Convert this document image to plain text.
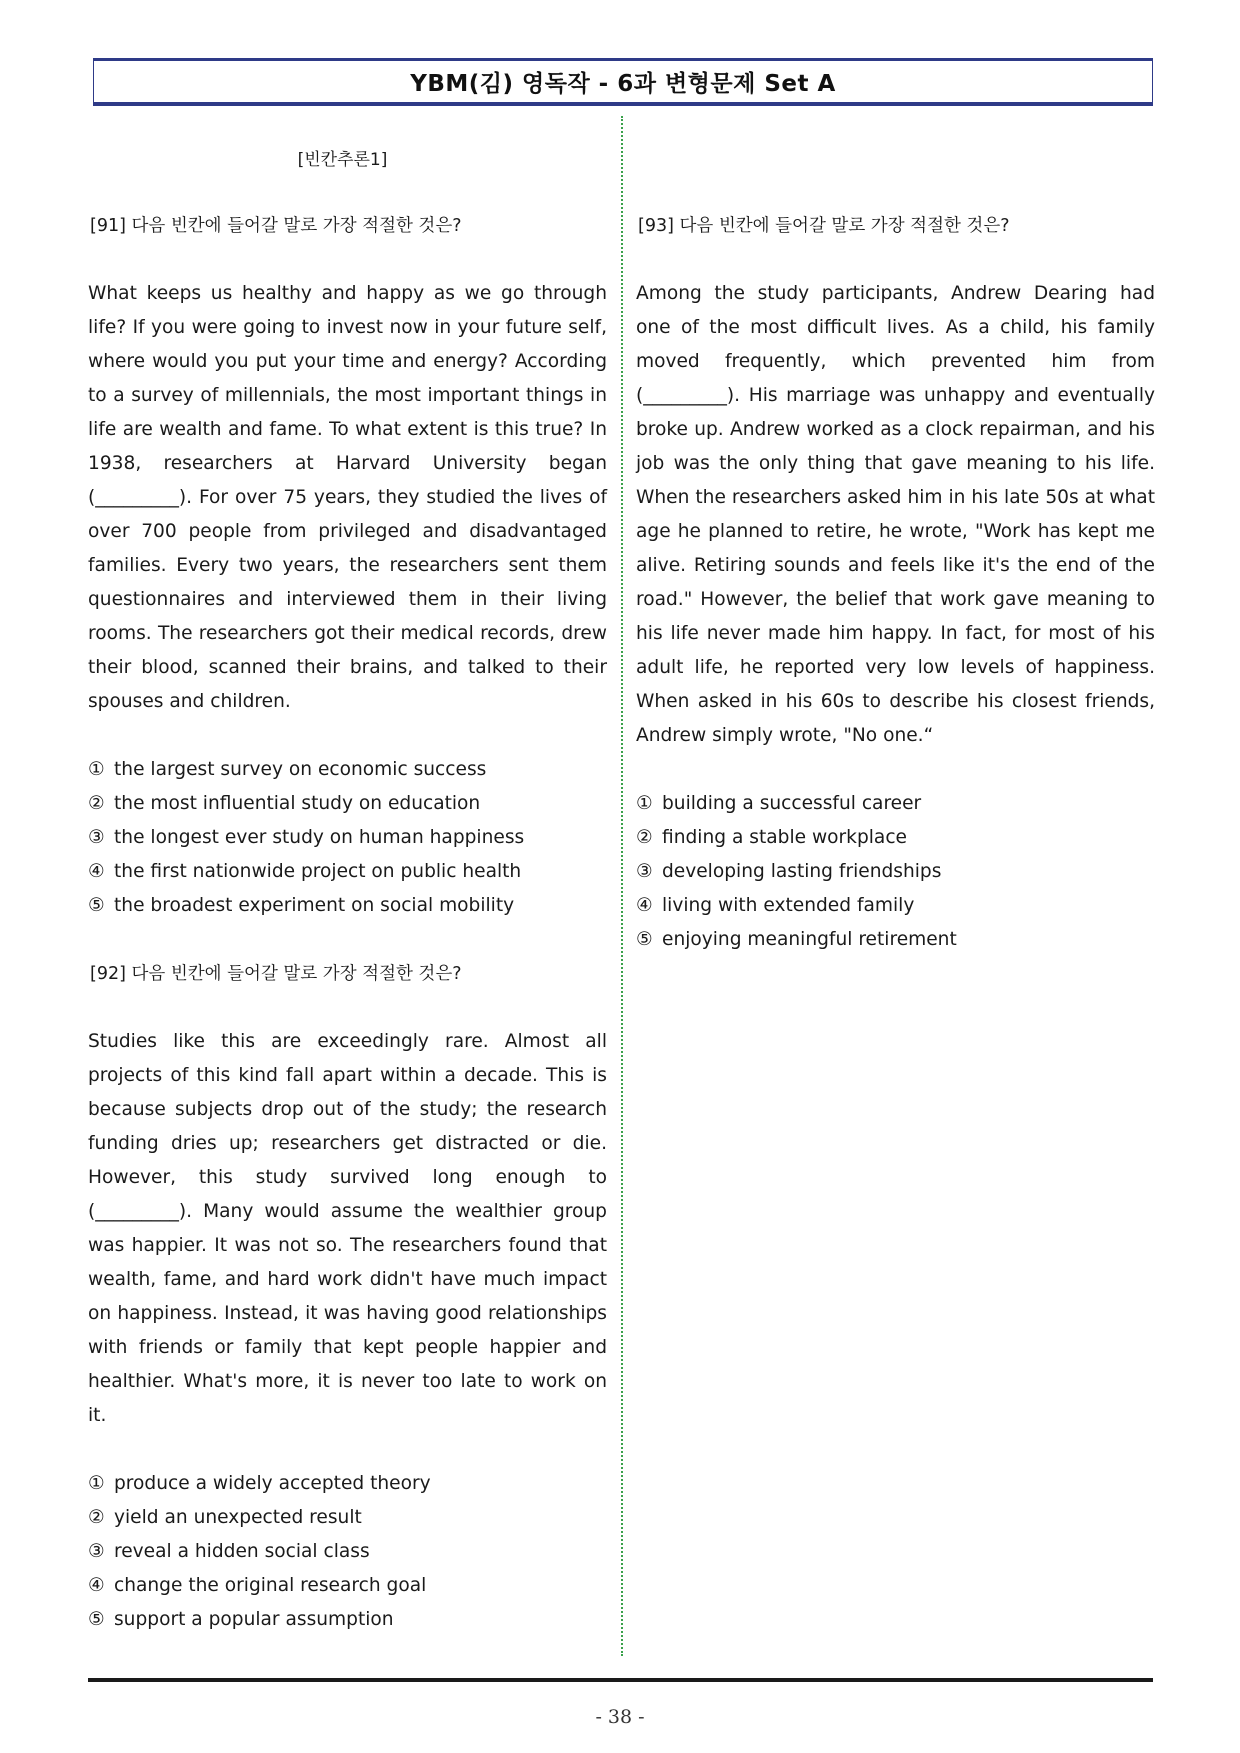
YBM(김) 영독작 - 6과 변형문제 Set A
[빈칸추론1]
[91] 다음 빈칸에 들어갈 말로 가장 적절한 것은?

What keeps us healthy and happy as we go through life? If you were going to invest now in your future self, where would you put your time and energy? According to a survey of millennials, the most important things in life are wealth and fame. To what extent is this true? In 1938, researchers at Harvard University began (_________). For over 75 years, they studied the lives of over 700 people from privileged and disadvantaged families. Every two years, the researchers sent them questionnaires and interviewed them in their living rooms. The researchers got their medical records, drew their blood, scanned their brains, and talked to their spouses and children.

① the largest survey on economic success
② the most influential study on education
③ the longest ever study on human happiness
④ the first nationwide project on public health
⑤ the broadest experiment on social mobility
[92] 다음 빈칸에 들어갈 말로 가장 적절한 것은?

Studies like this are exceedingly rare. Almost all projects of this kind fall apart within a decade. This is because subjects drop out of the study; the research funding dries up; researchers get distracted or die. However, this study survived long enough to (_________). Many would assume the wealthier group was happier. It was not so. The researchers found that wealth, fame, and hard work didn't have much impact on happiness. Instead, it was having good relationships with friends or family that kept people happier and healthier. What's more, it is never too late to work on it.

① produce a widely accepted theory
② yield an unexpected result
③ reveal a hidden social class
④ change the original research goal
⑤ support a popular assumption
[93] 다음 빈칸에 들어갈 말로 가장 적절한 것은?

Among the study participants, Andrew Dearing had one of the most difficult lives. As a child, his family moved frequently, which prevented him from (_________). His marriage was unhappy and eventually broke up. Andrew worked as a clock repairman, and his job was the only thing that gave meaning to his life. When the researchers asked him in his late 50s at what age he planned to retire, he wrote, "Work has kept me alive. Retiring sounds and feels like it's the end of the road." However, the belief that work gave meaning to his life never made him happy. In fact, for most of his adult life, he reported very low levels of happiness. When asked in his 60s to describe his closest friends, Andrew simply wrote, "No one.“

① building a successful career
② finding a stable workplace
③ developing lasting friendships
④ living with extended family
⑤ enjoying meaningful retirement
- 38 -
